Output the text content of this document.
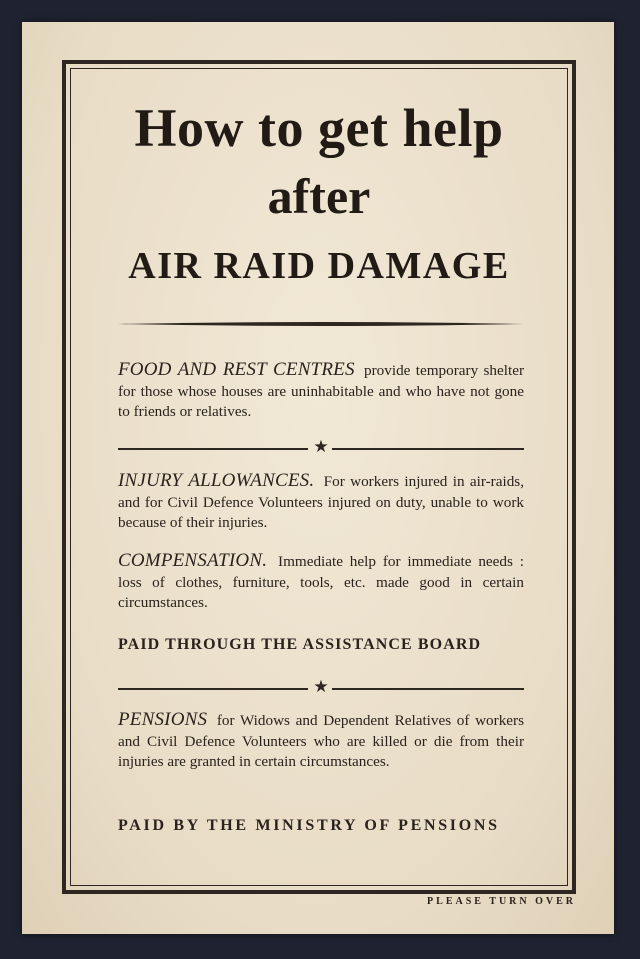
How to get help
after
AIR RAID DAMAGE
FOOD AND REST CENTRES provide temporary shelter for those whose houses are uninhabitable and who have not gone to friends or relatives.
★
INJURY ALLOWANCES. For workers injured in air-raids, and for Civil Defence Volunteers injured on duty, unable to work because of their injuries.
COMPENSATION. Immediate help for immediate needs : loss of clothes, furniture, tools, etc. made good in certain circumstances.
PAID THROUGH THE ASSISTANCE BOARD
★
PENSIONS for Widows and Dependent Relatives of workers and Civil Defence Volunteers who are killed or die from their injuries are granted in certain circumstances.
PAID BY THE MINISTRY OF PENSIONS
PLEASE TURN OVER
